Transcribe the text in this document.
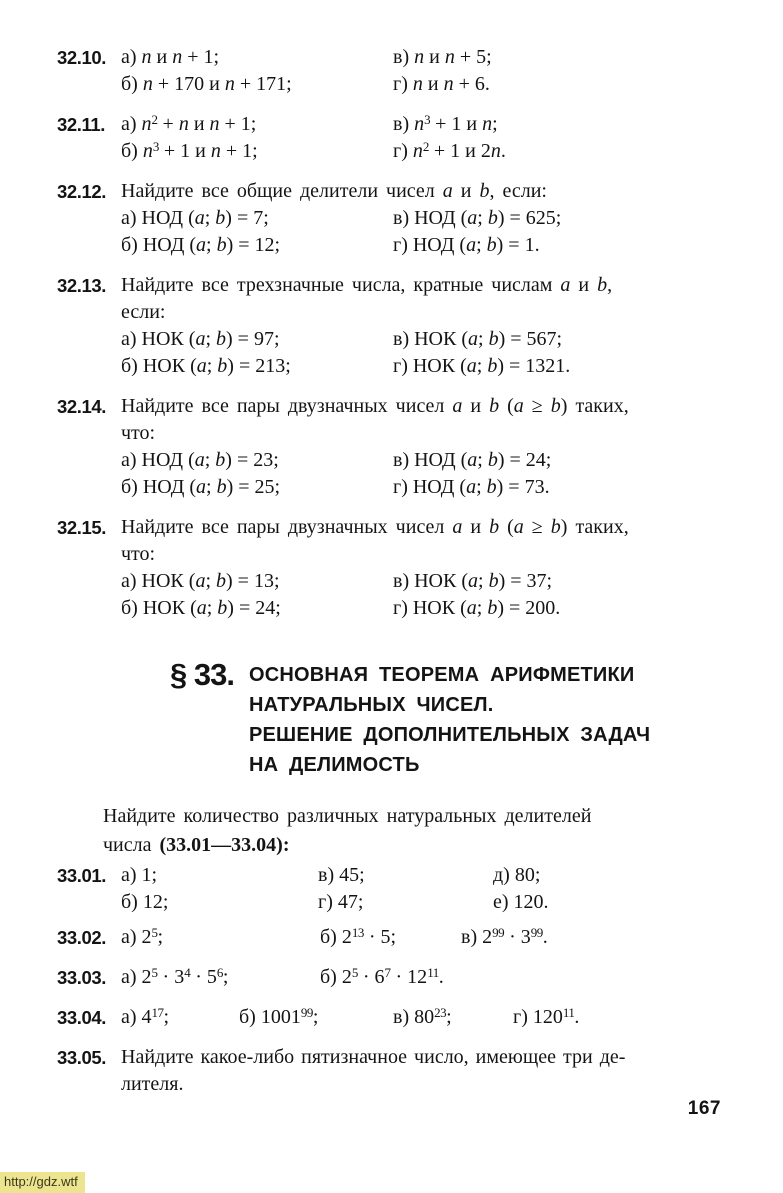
32.10. а) n и n + 1;	в) n и n + 5;
б) n + 170 и n + 171;	г) n и n + 6.
32.11. а) $n^2 + n$ и n + 1;	в) $n^3 + 1$ и n;
б) $n^3 + 1$ и n + 1;	г) $n^2 + 1$ и 2n.
32.12. Найдите все общие делители чисел a и b, если:
а) НОД (a; b) = 7;	в) НОД (a; b) = 625;
б) НОД (a; b) = 12;	г) НОД (a; b) = 1.
32.13. Найдите все трехзначные числа, кратные числам a и b,
если:
а) НОК (a; b) = 97;	в) НОК (a; b) = 567;
б) НОК (a; b) = 213;	г) НОК (a; b) = 1321.
32.14. Найдите все пары двузначных чисел a и b (a ≥ b) таких,
что:
а) НОД (a; b) = 23;	в) НОД (a; b) = 24;
б) НОД (a; b) = 25;	г) НОД (a; b) = 73.
32.15. Найдите все пары двузначных чисел a и b (a ≥ b) таких,
что:
а) НОК (a; b) = 13;	в) НОК (a; b) = 37;
б) НОК (a; b) = 24;	г) НОК (a; b) = 200.
§ 33. ОСНОВНАЯ ТЕОРЕМА АРИФМЕТИКИ
НАТУРАЛЬНЫХ ЧИСЕЛ.
РЕШЕНИЕ ДОПОЛНИТЕЛЬНЫХ ЗАДАЧ
НА ДЕЛИМОСТЬ
Найдите количество различных натуральных делителей
числа (33.01—33.04):
33.01. а) 1;	в) 45;	д) 80;
б) 12;	г) 47;	е) 120.
33.02. а) $2^5$;	б) $2^{13} \cdot 5$;	в) $2^{99} \cdot 3^{99}$.
33.03. а) $2^5 \cdot 3^4 \cdot 5^6$;	б) $2^5 \cdot 6^7 \cdot 12^{11}$.
33.04. а) $4^{17}$;	б) 1001$^{99}$;	в) $80^{23}$;	г) $120^{11}$.
33.05. Найдите какое-либо пятизначное число, имеющее три де-
лителя.
167
http://gdz.wtf
